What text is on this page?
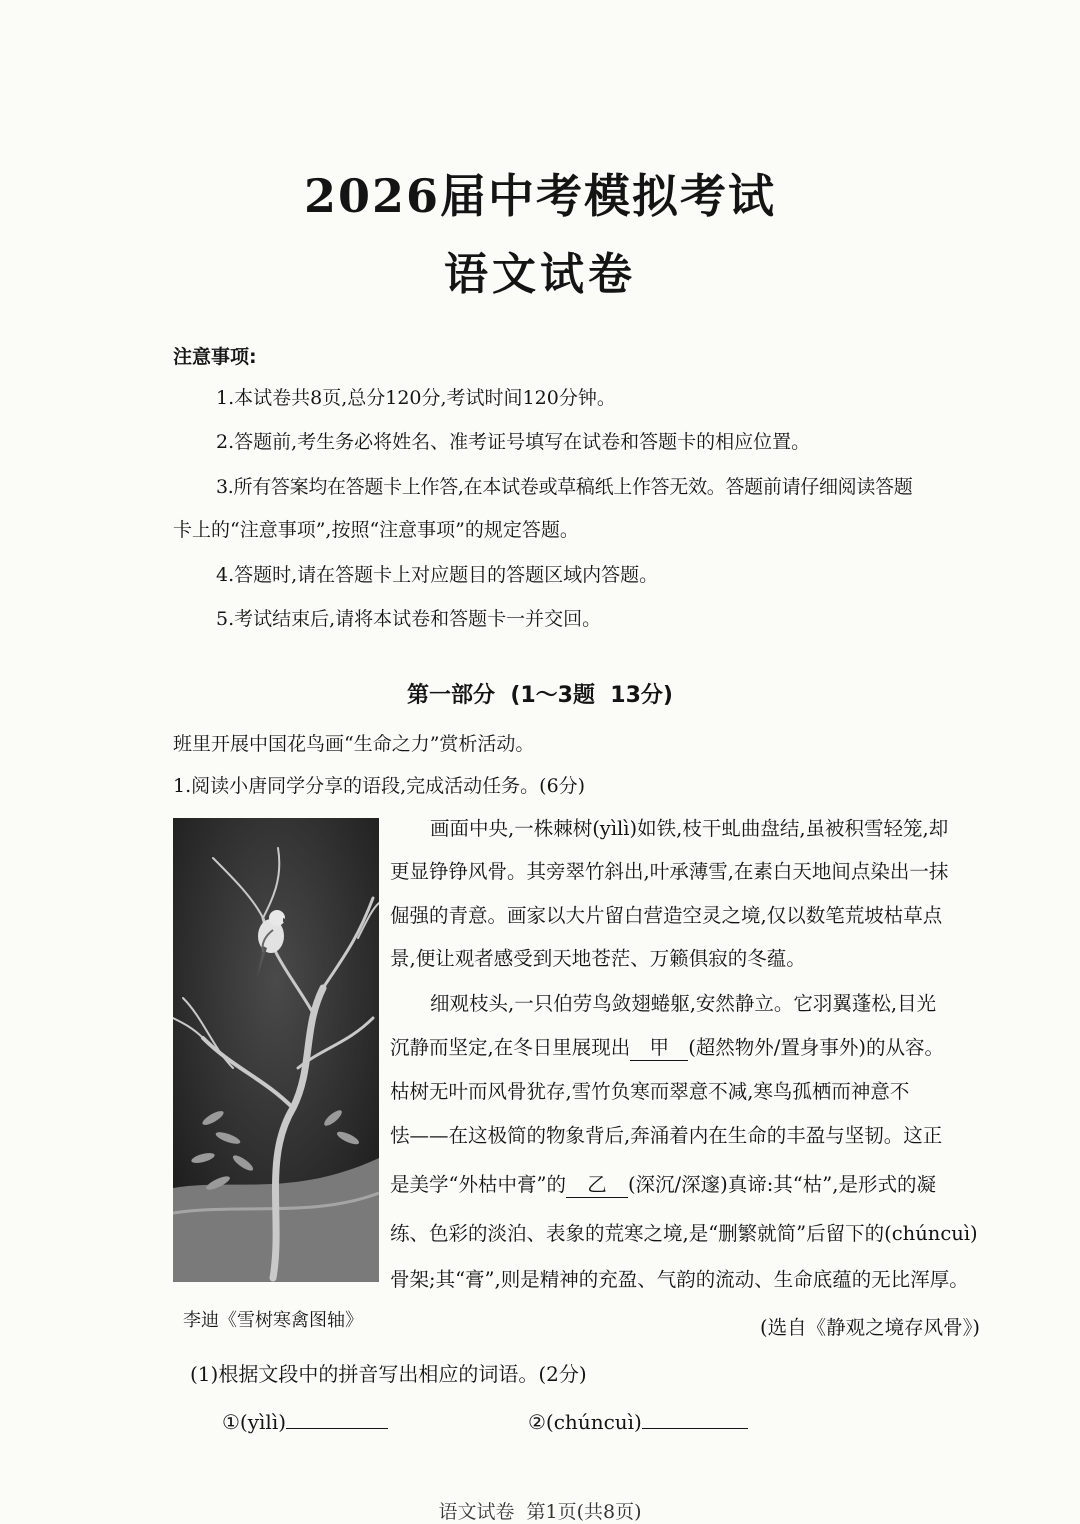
2026届中考模拟考试
语文试卷
注意事项:
1.本试卷共8页,总分120分,考试时间120分钟。
2.答题前,考生务必将姓名、准考证号填写在试卷和答题卡的相应位置。
3.所有答案均在答题卡上作答,在本试卷或草稿纸上作答无效。答题前请仔细阅读答题
卡上的“注意事项”,按照“注意事项”的规定答题。
4.答题时,请在答题卡上对应题目的答题区域内答题。
5.考试结束后,请将本试卷和答题卡一并交回。
第一部分  (1～3题  13分)
班里开展中国花鸟画“生命之力”赏析活动。
1.阅读小唐同学分享的语段,完成活动任务。(6分)
李迪《雪树寒禽图轴》
画面中央,一株棘树(yìlì)如铁,枝干虬曲盘结,虽被积雪轻笼,却
更显铮铮风骨。其旁翠竹斜出,叶承薄雪,在素白天地间点染出一抹
倔强的青意。画家以大片留白营造空灵之境,仅以数笔荒坡枯草点
景,便让观者感受到天地苍茫、万籁俱寂的冬蕴。
细观枝头,一只伯劳鸟敛翅蜷躯,安然静立。它羽翼蓬松,目光
沉静而坚定,在冬日里展现出 甲 (超然物外/置身事外)的从容。
枯树无叶而风骨犹存,雪竹负寒而翠意不减,寒鸟孤栖而神意不
怯——在这极简的物象背后,奔涌着内在生命的丰盈与坚韧。这正
是美学“外枯中膏”的 乙 (深沉/深邃)真谛:其“枯”,是形式的凝
练、色彩的淡泊、表象的荒寒之境,是“删繁就简”后留下的(chúncuì)
骨架;其“膏”,则是精神的充盈、气韵的流动、生命底蕴的无比浑厚。
(选自《静观之境存风骨》)
(1)根据文段中的拼音写出相应的词语。(2分)
①(yìlì)	②(chúncuì)
语文试卷  第1页(共8页)
